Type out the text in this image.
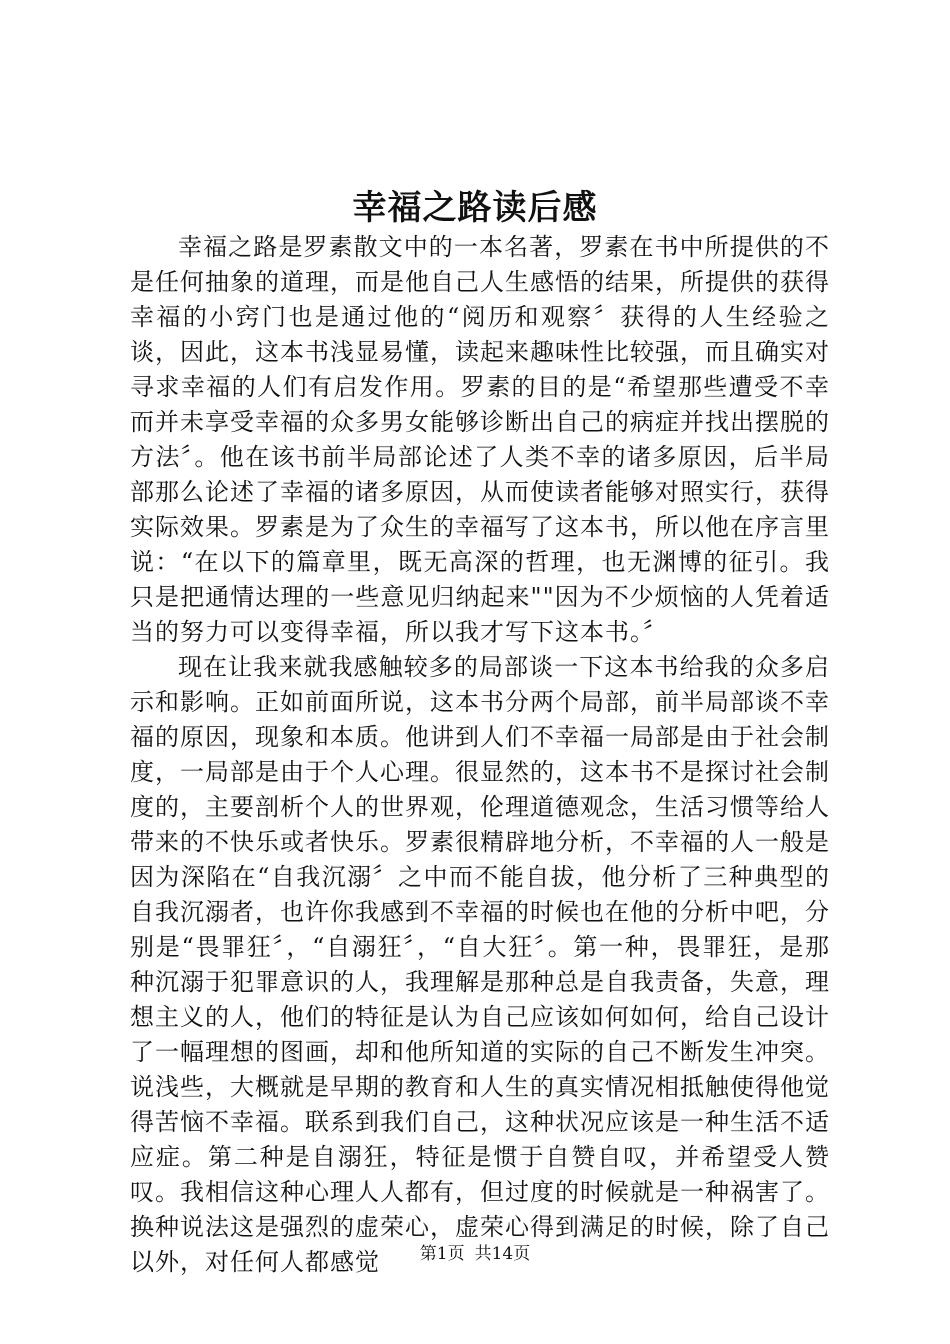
幸福之路读后感

幸福之路是罗素散文中的一本名著，罗素在书中所提供的不是任何抽象的道理，而是他自己人生感悟的结果，所提供的获得幸福的小窍门也是通过他的“阅历和观察〞获得的人生经验之谈，因此，这本书浅显易懂，读起来趣味性比较强，而且确实对寻求幸福的人们有启发作用。罗素的目的是“希望那些遭受不幸而并未享受幸福的众多男女能够诊断出自己的病症并找出摆脱的方法〞。他在该书前半局部论述了人类不幸的诸多原因，后半局部那么论述了幸福的诸多原因，从而使读者能够对照实行，获得实际效果。罗素是为了众生的幸福写了这本书，所以他在序言里说：“在以下的篇章里，既无高深的哲理，也无渊博的征引。我只是把通情达理的一些意见归纳起来""因为不少烦恼的人凭着适当的努力可以变得幸福，所以我才写下这本书。〞

现在让我来就我感触较多的局部谈一下这本书给我的众多启示和影响。正如前面所说，这本书分两个局部，前半局部谈不幸福的原因，现象和本质。他讲到人们不幸福一局部是由于社会制度，一局部是由于个人心理。很显然的，这本书不是探讨社会制度的，主要剖析个人的世界观，伦理道德观念，生活习惯等给人带来的不快乐或者快乐。罗素很精辟地分析，不幸福的人一般是因为深陷在“自我沉溺〞之中而不能自拔，他分析了三种典型的自我沉溺者，也许你我感到不幸福的时候也在他的分析中吧，分别是“畏罪狂〞，“自溺狂〞，“自大狂〞。第一种，畏罪狂，是那种沉溺于犯罪意识的人，我理解是那种总是自我责备，失意，理想主义的人，他们的特征是认为自己应该如何如何，给自己设计了一幅理想的图画，却和他所知道的实际的自己不断发生冲突。说浅些，大概就是早期的教育和人生的真实情况相抵触使得他觉得苦恼不幸福。联系到我们自己，这种状况应该是一种生活不适应症。第二种是自溺狂，特征是惯于自赞自叹，并希望受人赞叹。我相信这种心理人人都有，但过度的时候就是一种祸害了。换种说法这是强烈的虚荣心，虚荣心得到满足的时候，除了自己以外，对任何人都感觉	第1页 共14页
